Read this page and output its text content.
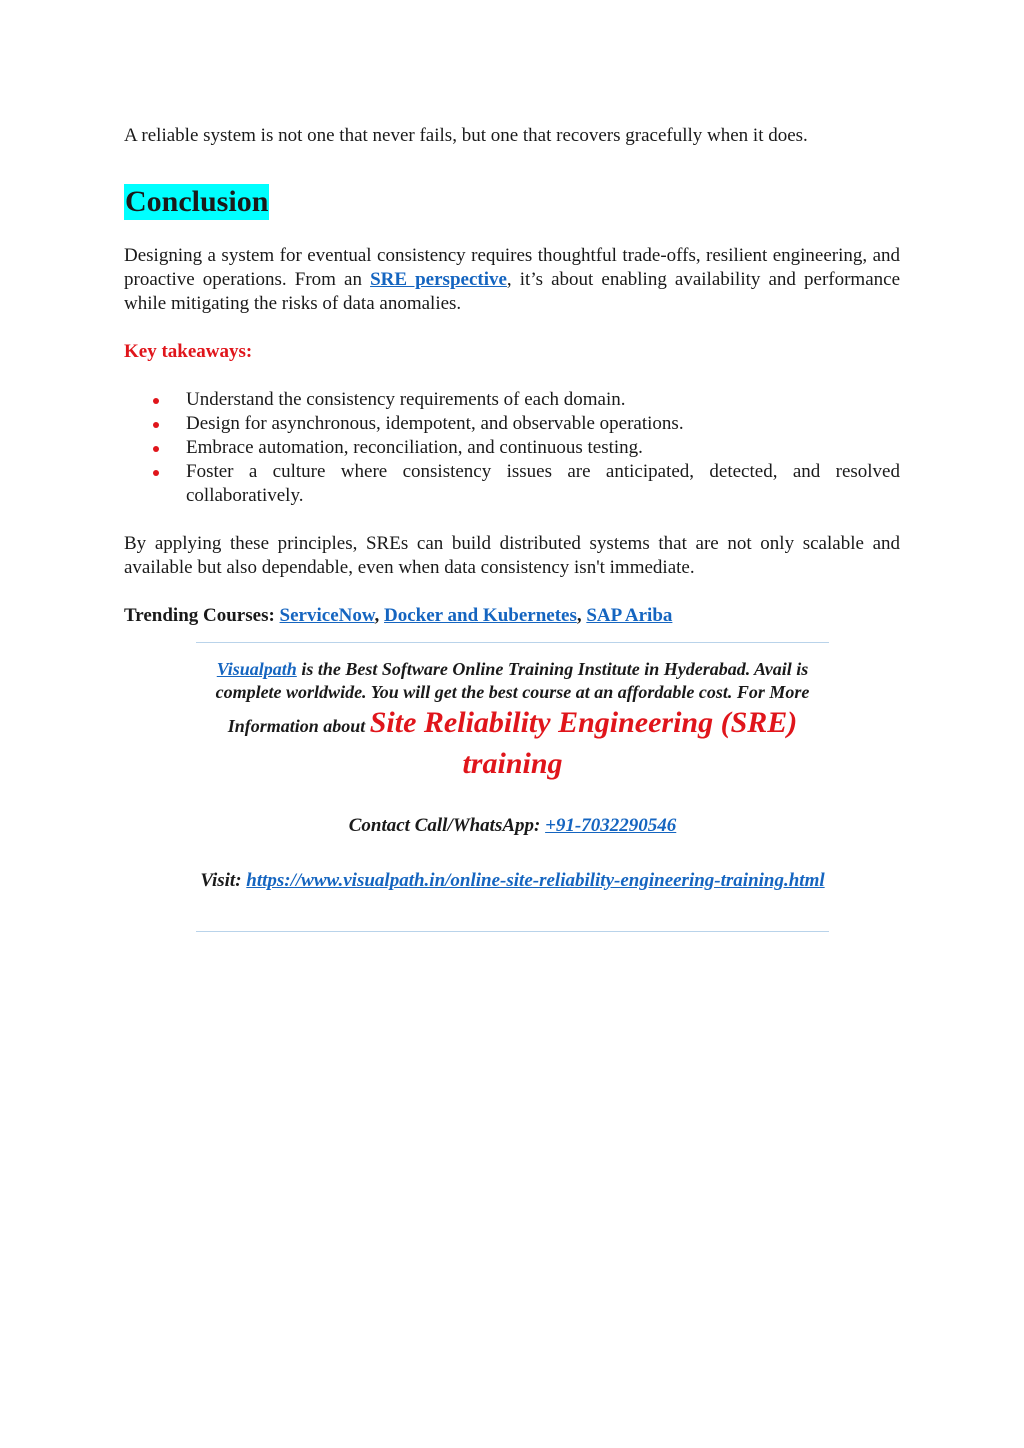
A reliable system is not one that never fails, but one that recovers gracefully when it does.

Conclusion

Designing a system for eventual consistency requires thoughtful trade-offs, resilient engineering, and proactive operations. From an SRE perspective, it’s about enabling availability and performance while mitigating the risks of data anomalies.

Key takeaways:

Understand the consistency requirements of each domain.
Design for asynchronous, idempotent, and observable operations.
Embrace automation, reconciliation, and continuous testing.
Foster a culture where consistency issues are anticipated, detected, and resolved collaboratively.

By applying these principles, SREs can build distributed systems that are not only scalable and available but also dependable, even when data consistency isn't immediate.

Trending Courses: ServiceNow, Docker and Kubernetes, SAP Ariba

Visualpath is the Best Software Online Training Institute in Hyderabad. Avail is complete worldwide. You will get the best course at an affordable cost. For More
Information about Site Reliability Engineering (SRE) training
Contact Call/WhatsApp: +91-7032290546
Visit: https://www.visualpath.in/online-site-reliability-engineering-training.html
